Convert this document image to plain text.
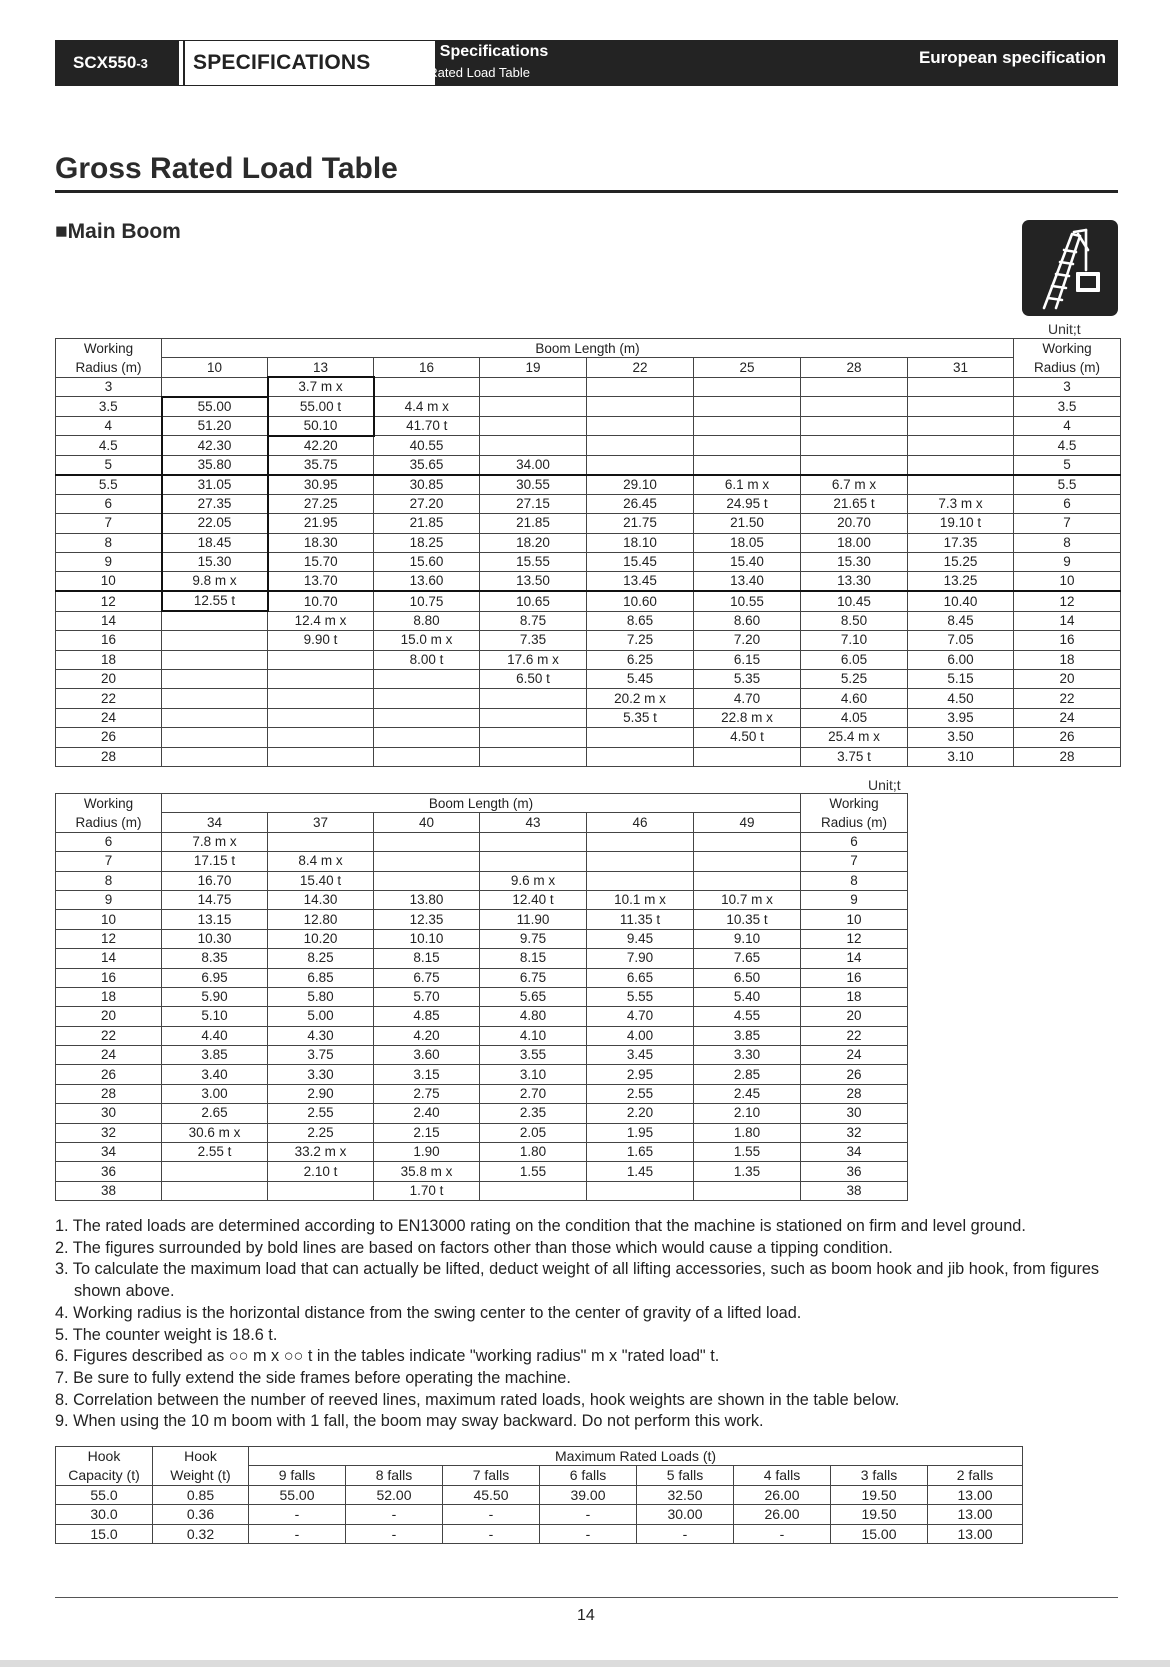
SCX550-3	SPECIFICATIONS Crane Specifications
Gross Rated Load Table
European specification
Gross Rated Load Table
■Main Boom
Unit;t
Working	Boom Length (m)								Working
Radius (m)	10	13	16	19	22	25	28	31	Radius (m)
3		3.7 m x							3
3.5	55.00	55.00 t	4.4 m x						3.5
4	51.20	50.10	41.70 t						4
4.5	42.30	42.20	40.55						4.5
5	35.80	35.75	35.65	34.00					5
5.5	31.05	30.95	30.85	30.55	29.10	6.1 m x	6.7 m x		5.5
6	27.35	27.25	27.20	27.15	26.45	24.95 t	21.65 t	7.3 m x	6
7	22.05	21.95	21.85	21.85	21.75	21.50	20.70	19.10 t	7
8	18.45	18.30	18.25	18.20	18.10	18.05	18.00	17.35	8
9	15.30	15.70	15.60	15.55	15.45	15.40	15.30	15.25	9
10	9.8 m x	13.70	13.60	13.50	13.45	13.40	13.30	13.25	10
12	12.55 t	10.70	10.75	10.65	10.60	10.55	10.45	10.40	12
14		12.4 m x	8.80	8.75	8.65	8.60	8.50	8.45	14
16		9.90 t	15.0 m x	7.35	7.25	7.20	7.10	7.05	16
18			8.00 t	17.6 m x	6.25	6.15	6.05	6.00	18
20				6.50 t	5.45	5.35	5.25	5.15	20
22					20.2 m x	4.70	4.60	4.50	22
24					5.35 t	22.8 m x	4.05	3.95	24
26						4.50 t	25.4 m x	3.50	26
28							3.75 t	3.10	28
Unit;t
Working	Boom Length (m)						Working
Radius (m)	34	37	40	43	46	49	Radius (m)
6	7.8 m x						6
7	17.15 t	8.4 m x					7
8	16.70	15.40 t		9.6 m x			8
9	14.75	14.30	13.80	12.40 t	10.1 m x	10.7 m x	9
10	13.15	12.80	12.35	11.90	11.35 t	10.35 t	10
12	10.30	10.20	10.10	9.75	9.45	9.10	12
14	8.35	8.25	8.15	8.15	7.90	7.65	14
16	6.95	6.85	6.75	6.75	6.65	6.50	16
18	5.90	5.80	5.70	5.65	5.55	5.40	18
20	5.10	5.00	4.85	4.80	4.70	4.55	20
22	4.40	4.30	4.20	4.10	4.00	3.85	22
24	3.85	3.75	3.60	3.55	3.45	3.30	24
26	3.40	3.30	3.15	3.10	2.95	2.85	26
28	3.00	2.90	2.75	2.70	2.55	2.45	28
30	2.65	2.55	2.40	2.35	2.20	2.10	30
32	30.6 m x	2.25	2.15	2.05	1.95	1.80	32
34	2.55 t	33.2 m x	1.90	1.80	1.65	1.55	34
36		2.10 t	35.8 m x	1.55	1.45	1.35	36
38			1.70 t				38
1. The rated loads are determined according to EN13000 rating on the condition that the machine is stationed on firm and level ground.
2. The figures surrounded by bold lines are based on factors other than those which would cause a tipping condition.
3. To calculate the maximum load that can actually be lifted, deduct weight of all lifting accessories, such as boom hook and jib hook, from figures shown above.
4. Working radius is the horizontal distance from the swing center to the center of gravity of a lifted load.
5. The counter weight is 18.6 t.
6. Figures described as ○○ m x ○○ t in the tables indicate "working radius" m x "rated load" t.
7. Be sure to fully extend the side frames before operating the machine.
8. Correlation between the number of reeved lines, maximum rated loads, hook weights are shown in the table below.
9. When using the 10 m boom with 1 fall, the boom may sway backward. Do not perform this work.
Hook	Hook	Maximum Rated Loads (t)							
Capacity (t)	Weight (t)	9 falls	8 falls	7 falls	6 falls	5 falls	4 falls	3 falls	2 falls
55.0	0.85	55.00	52.00	45.50	39.00	32.50	26.00	19.50	13.00
30.0	0.36	-	-	-	-	30.00	26.00	19.50	13.00
15.0	0.32	-	-	-	-	-	-	15.00	13.00
14
